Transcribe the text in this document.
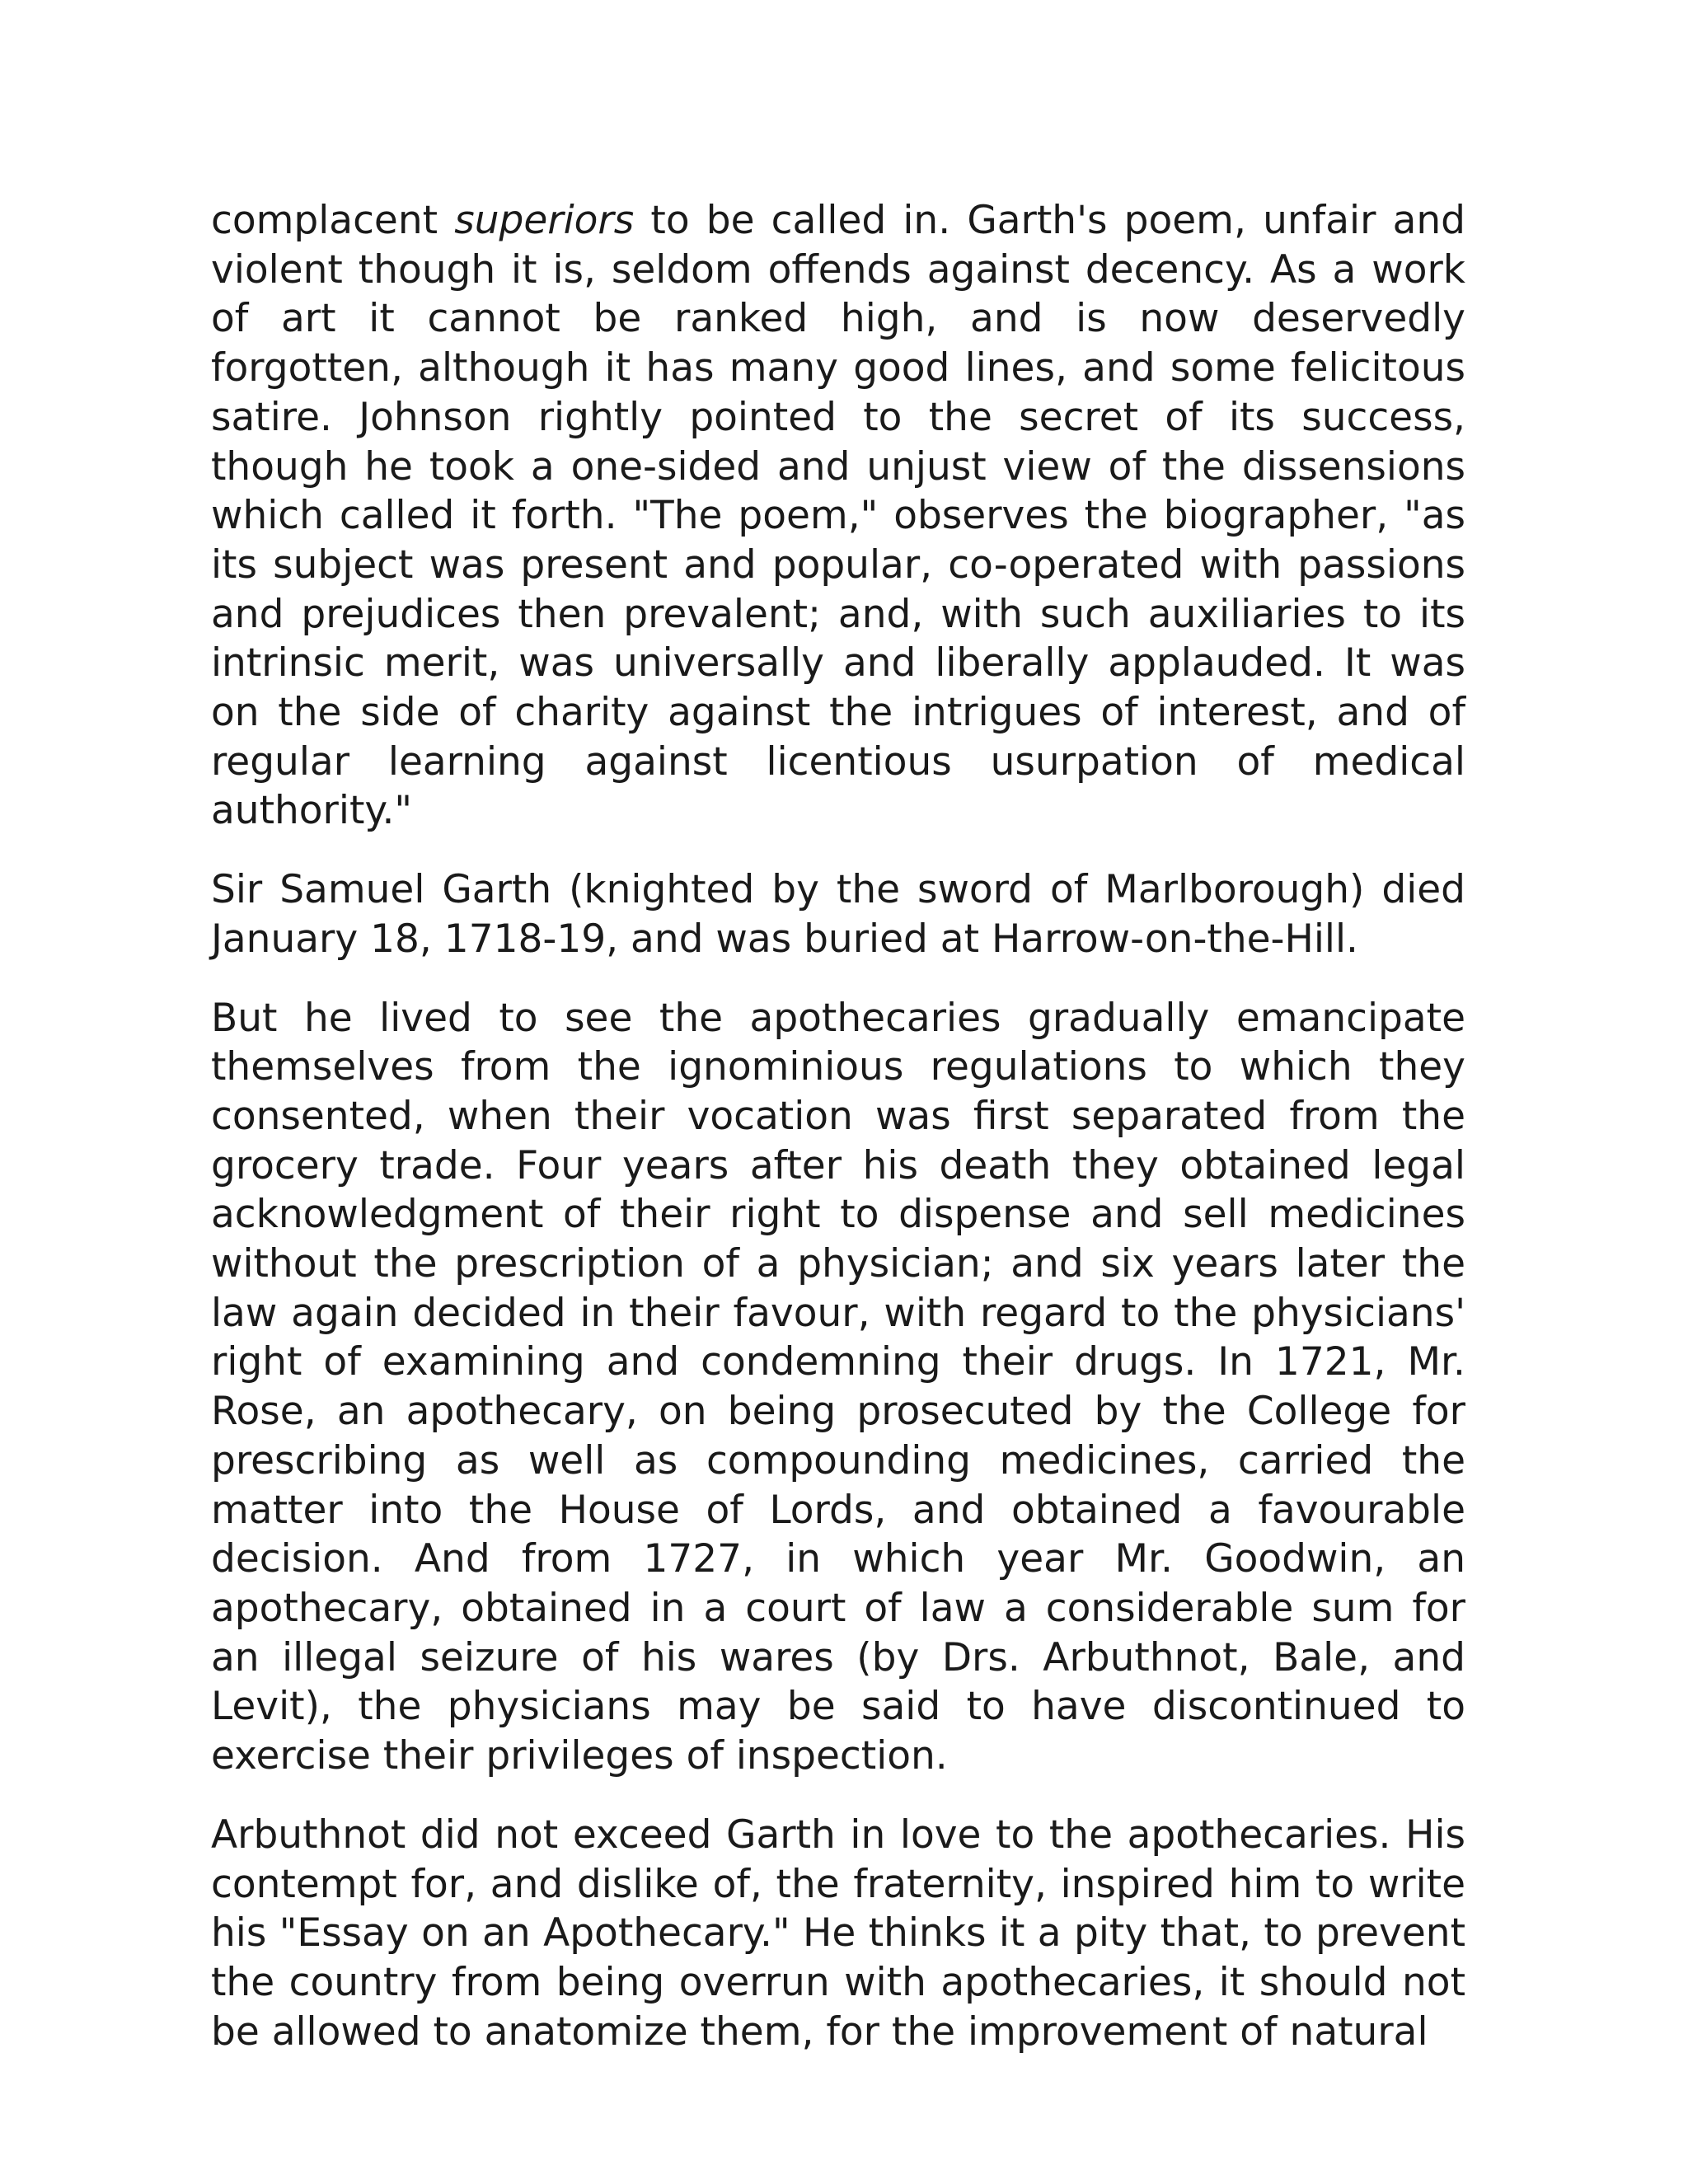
complacent superiors to be called in. Garth's poem, unfair and violent though it is, seldom offends against decency. As a work of art it cannot be ranked high, and is now deservedly forgotten, although it has many good lines, and some felicitous satire. Johnson rightly pointed to the secret of its success, though he took a one-sided and unjust view of the dissensions which called it forth. "The poem," observes the biographer, "as its subject was present and popular, co-operated with passions and prejudices then prevalent; and, with such auxiliaries to its intrinsic merit, was universally and liberally applauded. It was on the side of charity against the intrigues of interest, and of regular learning against licentious usurpation of medical authority."

Sir Samuel Garth (knighted by the sword of Marlborough) died January 18, 1718-19, and was buried at Harrow-on-the-Hill.

But he lived to see the apothecaries gradually emancipate themselves from the ignominious regulations to which they consented, when their vocation was first separated from the grocery trade. Four years after his death they obtained legal acknowledgment of their right to dispense and sell medicines without the prescription of a physician; and six years later the law again decided in their favour, with regard to the physicians' right of examining and condemning their drugs. In 1721, Mr. Rose, an apothecary, on being prosecuted by the College for prescribing as well as compounding medicines, carried the matter into the House of Lords, and obtained a favourable decision. And from 1727, in which year Mr. Goodwin, an apothecary, obtained in a court of law a considerable sum for an illegal seizure of his wares (by Drs. Arbuthnot, Bale, and Levit), the physicians may be said to have discontinued to exercise their privileges of inspection.

Arbuthnot did not exceed Garth in love to the apothecaries. His contempt for, and dislike of, the fraternity, inspired him to write his "Essay on an Apothecary." He thinks it a pity that, to prevent the country from being overrun with apothecaries, it should not be allowed to anatomize them, for the improvement of natural
